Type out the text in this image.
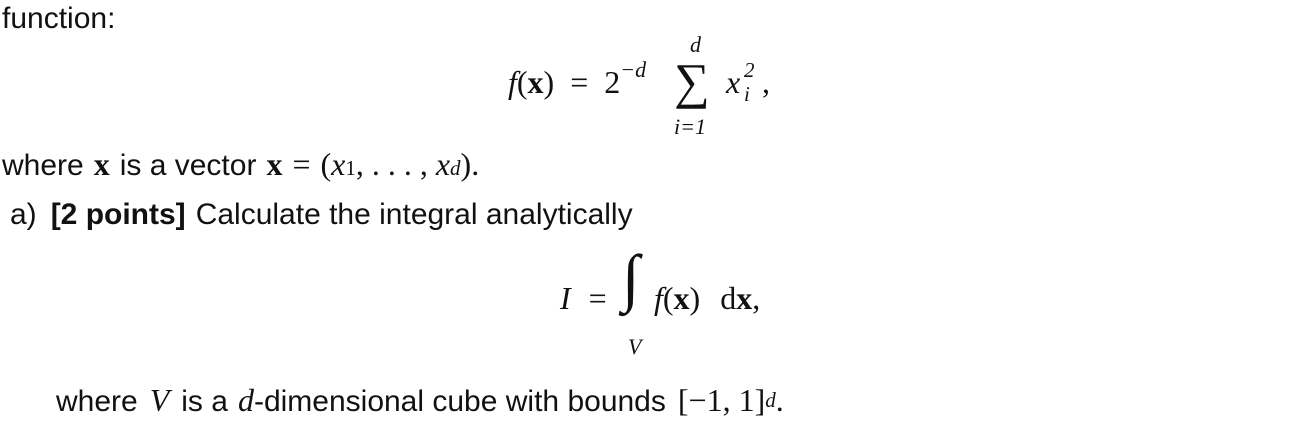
function:
$f(x) = 2^{-d}$
d
∑
i=1
x 2
i ,
where x is a vector x = ( x 1 , . . . , x d ).
a) [2 points] Calculate the integral analytically
I = ∫
V
f(x) dx,
where V is a d -dimensional cube with bounds [−1, 1]$^d$ .
